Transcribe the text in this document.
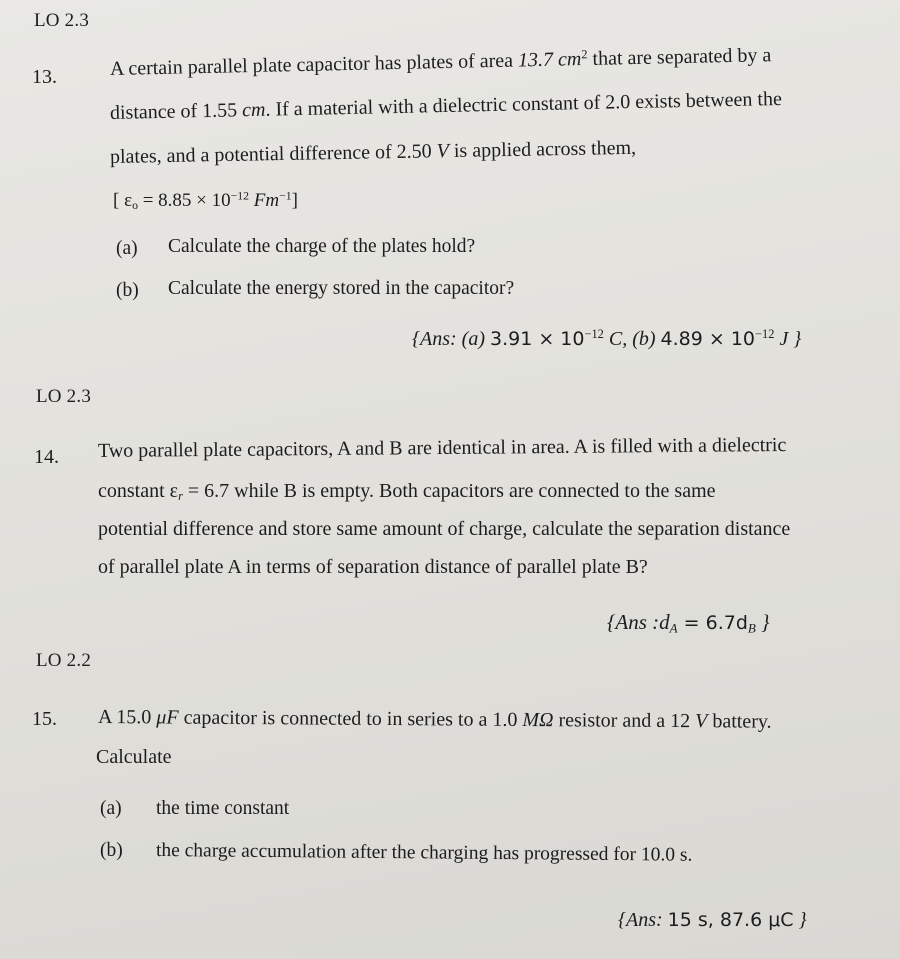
LO 2.3
13.	A certain parallel plate capacitor has plates of area 13.7 $cm^2$ that are separated by a
distance of 1.55 cm. If a material with a dielectric constant of 2.0 exists between the
plates, and a potential difference of 2.50 V is applied across them,
[ $\varepsilon_o = 8.85 \times 10^{-12}$ $Fm^{-1}$]
(a) Calculate the charge of the plates hold?
(b) Calculate the energy stored in the capacitor?
{Ans: (a) $3.91 \times 10^{-12}$ C, (b) $4.89 \times 10^{-12}$ J }
LO 2.3
14. Two parallel plate capacitors, A and B are identical in area. A is filled with a dielectric
constant $\varepsilon_r = 6.7$ while B is empty. Both capacitors are connected to the same
potential difference and store same amount of charge, calculate the separation distance
of parallel plate A in terms of separation distance of parallel plate B?
{Ans $:d_A = 6.7d_B$ }
LO 2.2
15. A 15.0 μF capacitor is connected to in series to a 1.0 MΩ resistor and a 12 V battery.
Calculate
(a) the time constant
(b) the charge accumulation after the charging has progressed for 10.0 s.
{Ans: 15 s, 87.6 μC }
